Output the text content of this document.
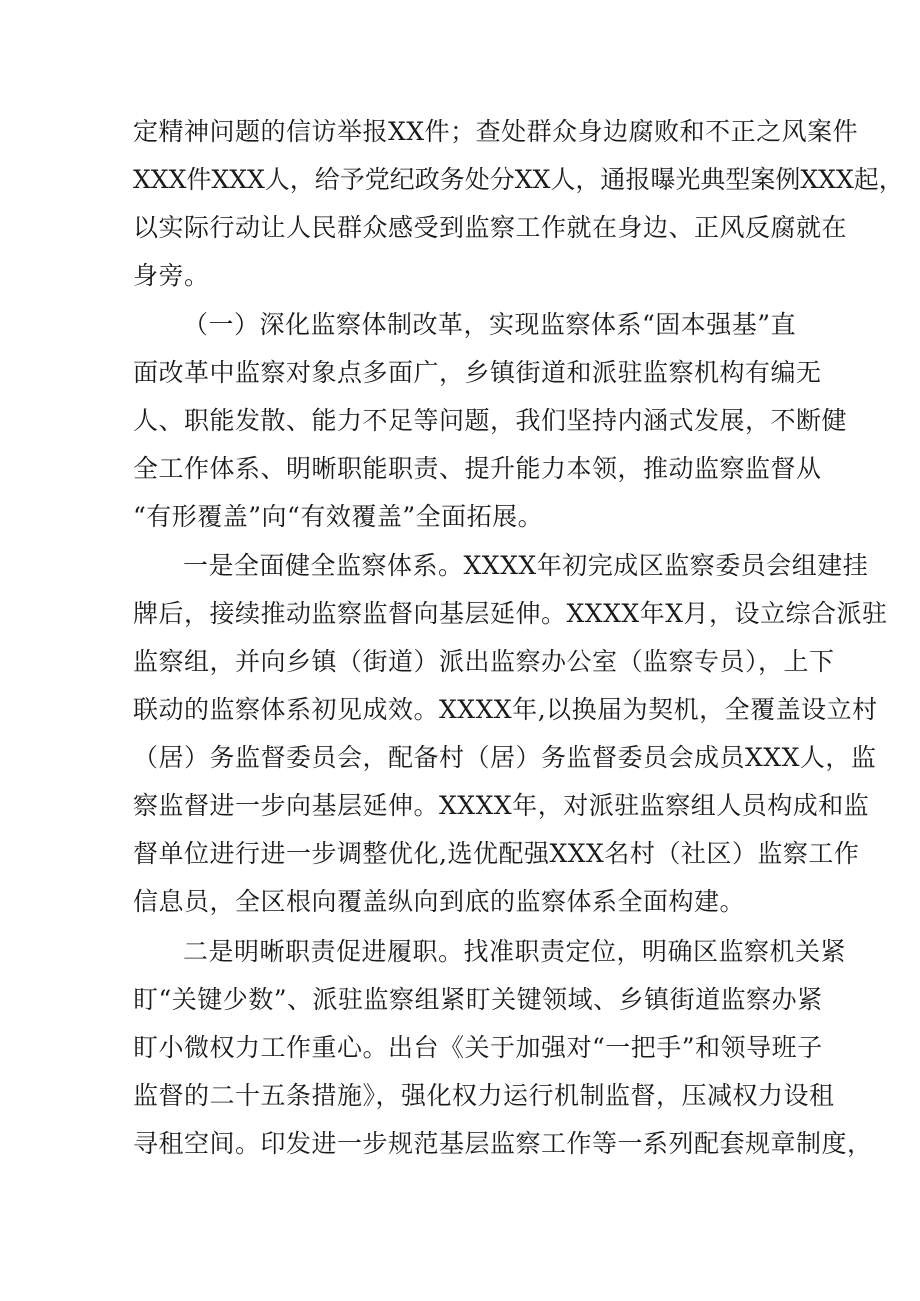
定精神问题的信访举报XX件；查处群众身边腐败和不正之风案件
XXX件XXX人，给予党纪政务处分XX人，通报曝光典型案例XXX起，
以实际行动让人民群众感受到监察工作就在身边、正风反腐就在
身旁。
（一）深化监察体制改革，实现监察体系“固本强基”直
面改革中监察对象点多面广，乡镇街道和派驻监察机构有编无
人、职能发散、能力不足等问题，我们坚持内涵式发展，不断健
全工作体系、明晰职能职责、提升能力本领，推动监察监督从
“有形覆盖”向“有效覆盖”全面拓展。
一是全面健全监察体系。XXXX年初完成区监察委员会组建挂
牌后，接续推动监察监督向基层延伸。XXXX年X月，设立综合派驻
监察组，并向乡镇（街道）派出监察办公室（监察专员），上下
联动的监察体系初见成效。XXXX年,以换届为契机，全覆盖设立村
（居）务监督委员会，配备村（居）务监督委员会成员XXX人，监
察监督进一步向基层延伸。XXXX年，对派驻监察组人员构成和监
督单位进行进一步调整优化,选优配强XXX名村（社区）监察工作
信息员，全区根向覆盖纵向到底的监察体系全面构建。
二是明晰职责促进履职。找准职责定位，明确区监察机关紧
盯“关键少数”、派驻监察组紧盯关键领域、乡镇街道监察办紧
盯小微权力工作重心。出台《关于加强对“一把手”和领导班子
监督的二十五条措施》，强化权力运行机制监督，压减权力设租
寻租空间。印发进一步规范基层监察工作等一系列配套规章制度，
